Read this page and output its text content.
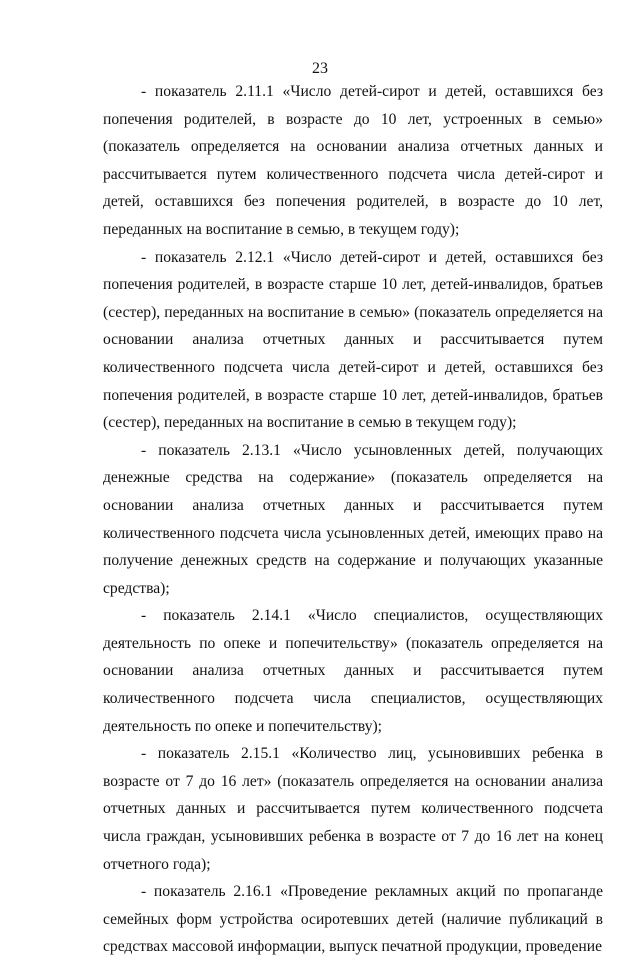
23

- показатель 2.11.1 «Число детей-сирот и детей, оставшихся без попечения родителей, в возрасте до 10 лет, устроенных в семью» (показатель определяется на основании анализа отчетных данных и рассчитывается путем количественного подсчета числа детей-сирот и детей, оставшихся без попечения родителей, в возрасте до 10 лет, переданных на воспитание в семью, в текущем году);

- показатель 2.12.1 «Число детей-сирот и детей, оставшихся без попечения родителей, в возрасте старше 10 лет, детей-инвалидов, братьев (сестер), переданных на воспитание в семью» (показатель определяется на основании анализа отчетных данных и рассчитывается путем количественного подсчета числа детей-сирот и детей, оставшихся без попечения родителей, в возрасте старше 10 лет, детей-инвалидов, братьев (сестер), переданных на воспитание в семью в текущем году);

- показатель 2.13.1 «Число усыновленных детей, получающих денежные средства на содержание» (показатель определяется на основании анализа отчетных данных и рассчитывается путем количественного подсчета числа усыновленных детей, имеющих право на получение денежных средств на содержание и получающих указанные средства);

- показатель 2.14.1 «Число специалистов, осуществляющих деятельность по опеке и попечительству» (показатель определяется на основании анализа отчетных данных и рассчитывается путем количественного подсчета числа специалистов, осуществляющих деятельность по опеке и попечительству);

- показатель 2.15.1 «Количество лиц, усыновивших ребенка в возрасте от 7 до 16 лет» (показатель определяется на основании анализа отчетных данных и рассчитывается путем количественного подсчета числа граждан, усыновивших ребенка в возрасте от 7 до 16 лет на конец отчетного года);

- показатель 2.16.1 «Проведение рекламных акций по пропаганде семейных форм устройства осиротевших детей (наличие публикаций в средствах массовой информации, выпуск печатной продукции, проведение
